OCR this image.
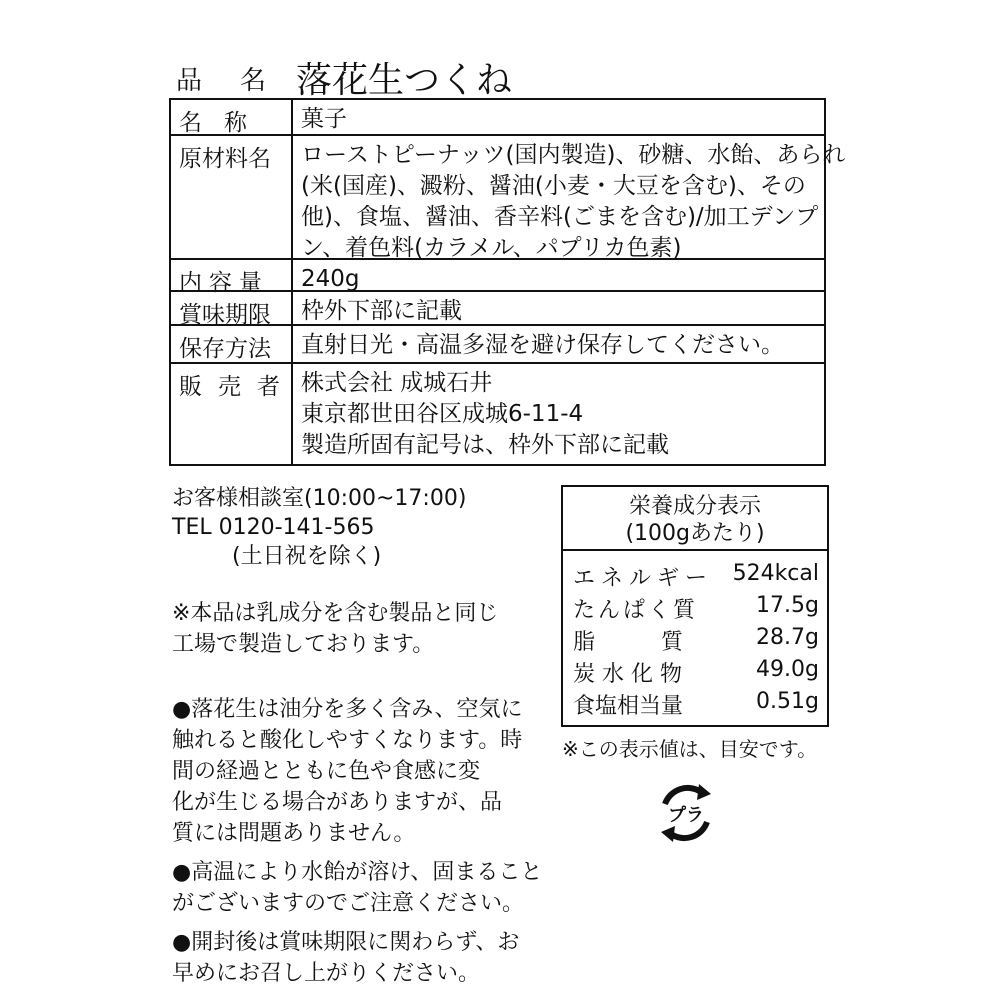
品名
落花生つくね
名称 菓子
原材料名 ローストピーナッツ(国内製造)、砂糖、水飴、あられ
(米(国産)、澱粉、醤油(小麦・大豆を含む)、その
他)、食塩、醤油、香辛料(ごまを含む)/加工デンプ
ン、着色料(カラメル、パプリカ色素)
内容量 240g
賞味期限 枠外下部に記載
保存方法 直射日光・高温多湿を避け保存してください。
販売者 株式会社 成城石井
東京都世田谷区成城6-11-4
製造所固有記号は、枠外下部に記載
お客様相談室(10:00~17:00)
TEL 0120-141-565
(土日祝を除く)
栄養成分表示
(100gあたり)
エネルギー 524kcal
たんぱく質	17.5g
脂　　　質	28.7g
炭 水 化 物	49.0g
食塩相当量	0.51g
※この表示値は、目安です。
※本品は乳成分を含む製品と同じ
工場で製造しております。
●落花生は油分を多く含み、空気に
触れると酸化しやすくなります。時
間の経過とともに色や食感に変
化が生じる場合がありますが、品
質には問題ありません。
●高温により水飴が溶け、固まること
がございますのでご注意ください。
●開封後は賞味期限に関わらず、お
早めにお召し上がりください。
プラ
